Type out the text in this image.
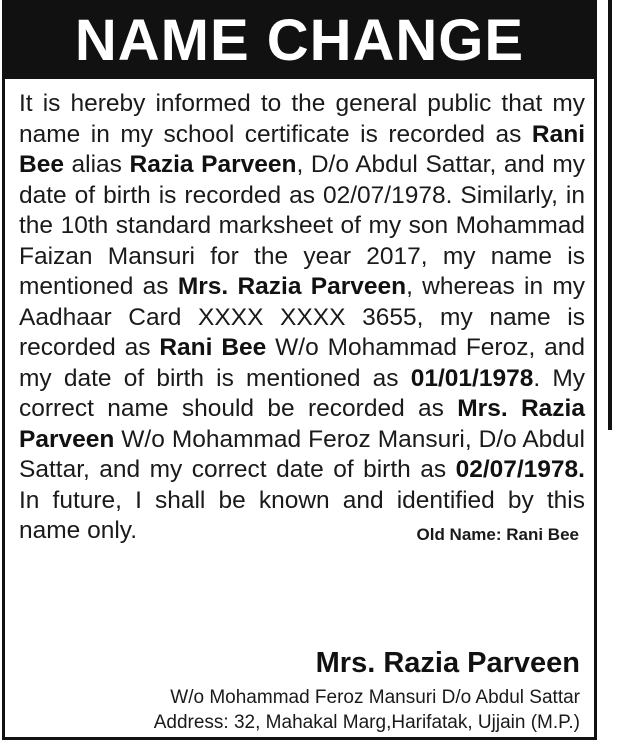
NAME CHANGE

It is hereby informed to the general public that my name in my school certificate is recorded as Rani Bee alias Razia Parveen, D/o Abdul Sattar, and my date of birth is recorded as 02/07/1978. Similarly, in the 10th standard marksheet of my son Mohammad Faizan Mansuri for the year 2017, my name is mentioned as Mrs. Razia Parveen, whereas in my Aadhaar Card XXXX XXXX 3655, my name is recorded as Rani Bee W/o Mohammad Feroz, and my date of birth is mentioned as 01/01/1978. My correct name should be recorded as Mrs. Razia Parveen W/o Mohammad Feroz Mansuri, D/o Abdul Sattar, and my correct date of birth as 02/07/1978. In future, I shall be known and identified by this name only.	Old Name: Rani Bee

Mrs. Razia Parveen
W/o Mohammad Feroz Mansuri D/o Abdul Sattar
Address: 32, Mahakal Marg,Harifatak, Ujjain (M.P.)
